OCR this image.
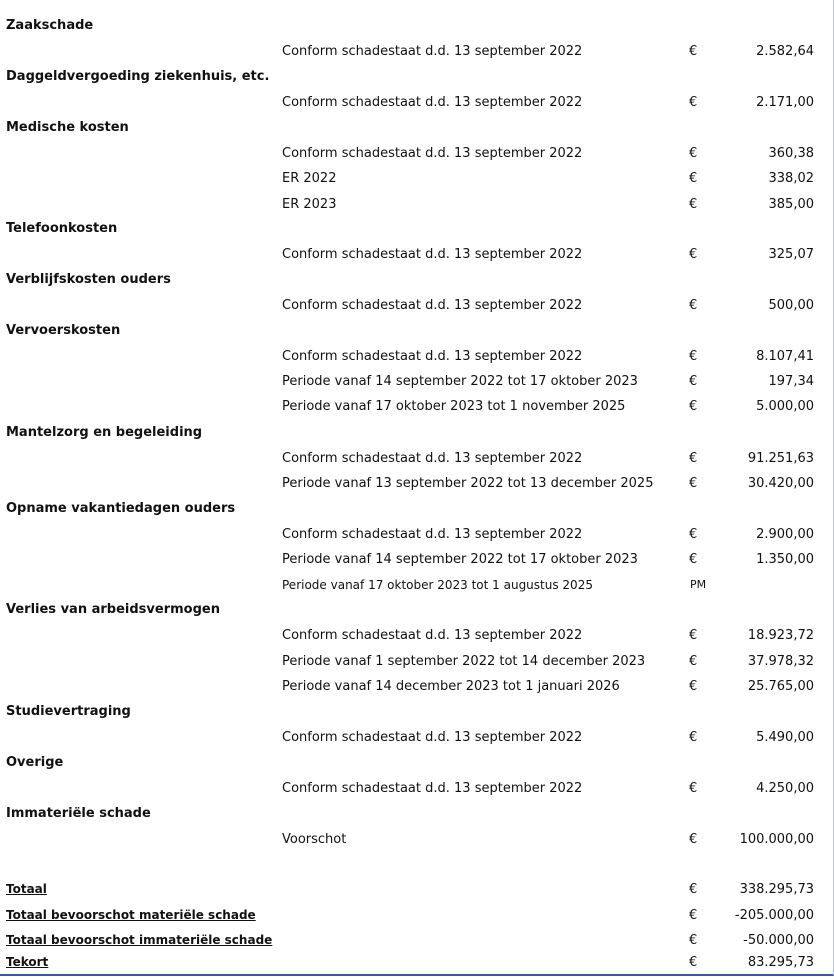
Zaakschade
Conform schadestaat d.d. 13 september 2022	€	2.582,64
Daggeldvergoeding ziekenhuis, etc.
Conform schadestaat d.d. 13 september 2022	€	2.171,00
Medische kosten
Conform schadestaat d.d. 13 september 2022	€	360,38
ER 2022	€	338,02
ER 2023	€	385,00
Telefoonkosten
Conform schadestaat d.d. 13 september 2022	€	325,07
Verblijfskosten ouders
Conform schadestaat d.d. 13 september 2022	€	500,00
Vervoerskosten
Conform schadestaat d.d. 13 september 2022	€	8.107,41
Periode vanaf 14 september 2022 tot 17 oktober 2023	€	197,34
Periode vanaf 17 oktober 2023 tot 1 november 2025	€	5.000,00
Mantelzorg en begeleiding
Conform schadestaat d.d. 13 september 2022	€	91.251,63
Periode vanaf 13 september 2022 tot 13 december 2025	€	30.420,00
Opname vakantiedagen ouders
Conform schadestaat d.d. 13 september 2022	€	2.900,00
Periode vanaf 14 september 2022 tot 17 oktober 2023	€	1.350,00
Periode vanaf 17 oktober 2023 tot 1 augustus 2025	PM
Verlies van arbeidsvermogen
Conform schadestaat d.d. 13 september 2022	€	18.923,72
Periode vanaf 1 september 2022 tot 14 december 2023	€	37.978,32
Periode vanaf 14 december 2023 tot 1 januari 2026	€	25.765,00
Studievertraging
Conform schadestaat d.d. 13 september 2022	€	5.490,00
Overige
Conform schadestaat d.d. 13 september 2022	€	4.250,00
Immateriële schade
Voorschot	€	100.000,00
Totaal	€	338.295,73
Totaal bevoorschot materiële schade	€	-205.000,00
Totaal bevoorschot immateriële schade	€	-50.000,00
Tekort	€	83.295,73
